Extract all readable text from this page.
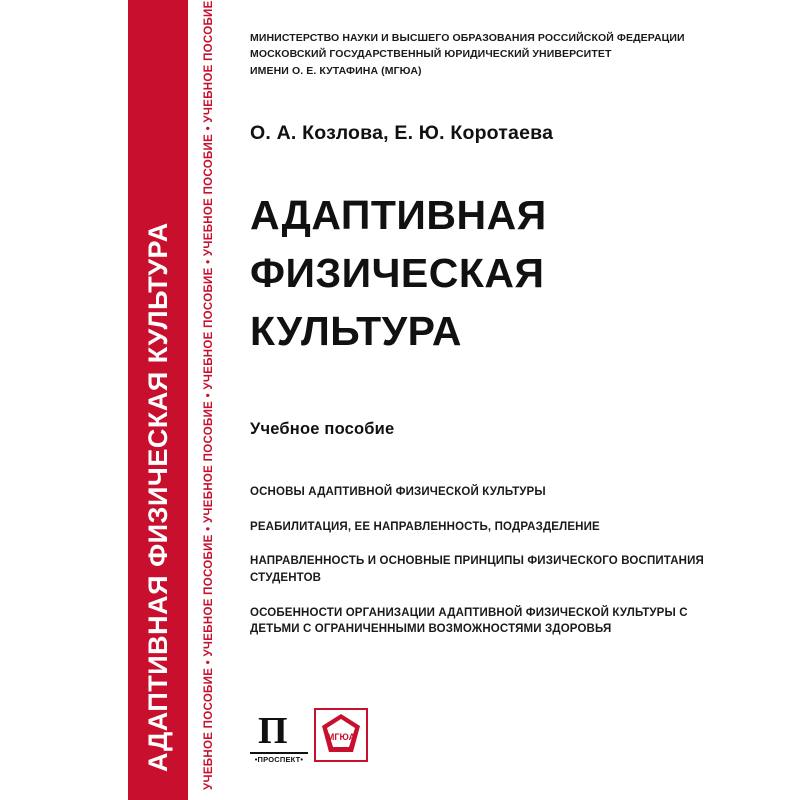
АДАПТИВНАЯ ФИЗИЧЕСКАЯ КУЛЬТУРА	УЧЕБНОЕ ПОСОБИЕ • УЧЕБНОЕ ПОСОБИЕ • УЧЕБНОЕ ПОСОБИЕ • УЧЕБНОЕ ПОСОБИЕ • УЧЕБНОЕ ПОСОБИЕ • УЧЕБНОЕ ПОСОБИЕ	МИНИСТЕРСТВО НАУКИ И ВЫСШЕГО ОБРАЗОВАНИЯ РОССИЙСКОЙ ФЕДЕРАЦИИ
МОСКОВСКИЙ ГОСУДАРСТВЕННЫЙ ЮРИДИЧЕСКИЙ УНИВЕРСИТЕТ
ИМЕНИ О. Е. КУТАФИНА (МГЮА)
О. А. Козлова, Е. Ю. Коротаева
АДАПТИВНАЯ
ФИЗИЧЕСКАЯ
КУЛЬТУРА
Учебное пособие
ОСНОВЫ АДАПТИВНОЙ ФИЗИЧЕСКОЙ КУЛЬТУРЫ
РЕАБИЛИТАЦИЯ, ЕЕ НАПРАВЛЕННОСТЬ, ПОДРАЗДЕЛЕНИЕ
НАПРАВЛЕННОСТЬ И ОСНОВНЫЕ ПРИНЦИПЫ ФИЗИЧЕСКОГО ВОСПИТАНИЯ СТУДЕНТОВ
ОСОБЕННОСТИ ОРГАНИЗАЦИИ АДАПТИВНОЙ ФИЗИЧЕСКОЙ КУЛЬТУРЫ С ДЕТЬМИ С ОГРАНИЧЕННЫМИ ВОЗМОЖНОСТЯМИ ЗДОРОВЬЯ
П
•ПРОСПЕКТ•
МГЮА
